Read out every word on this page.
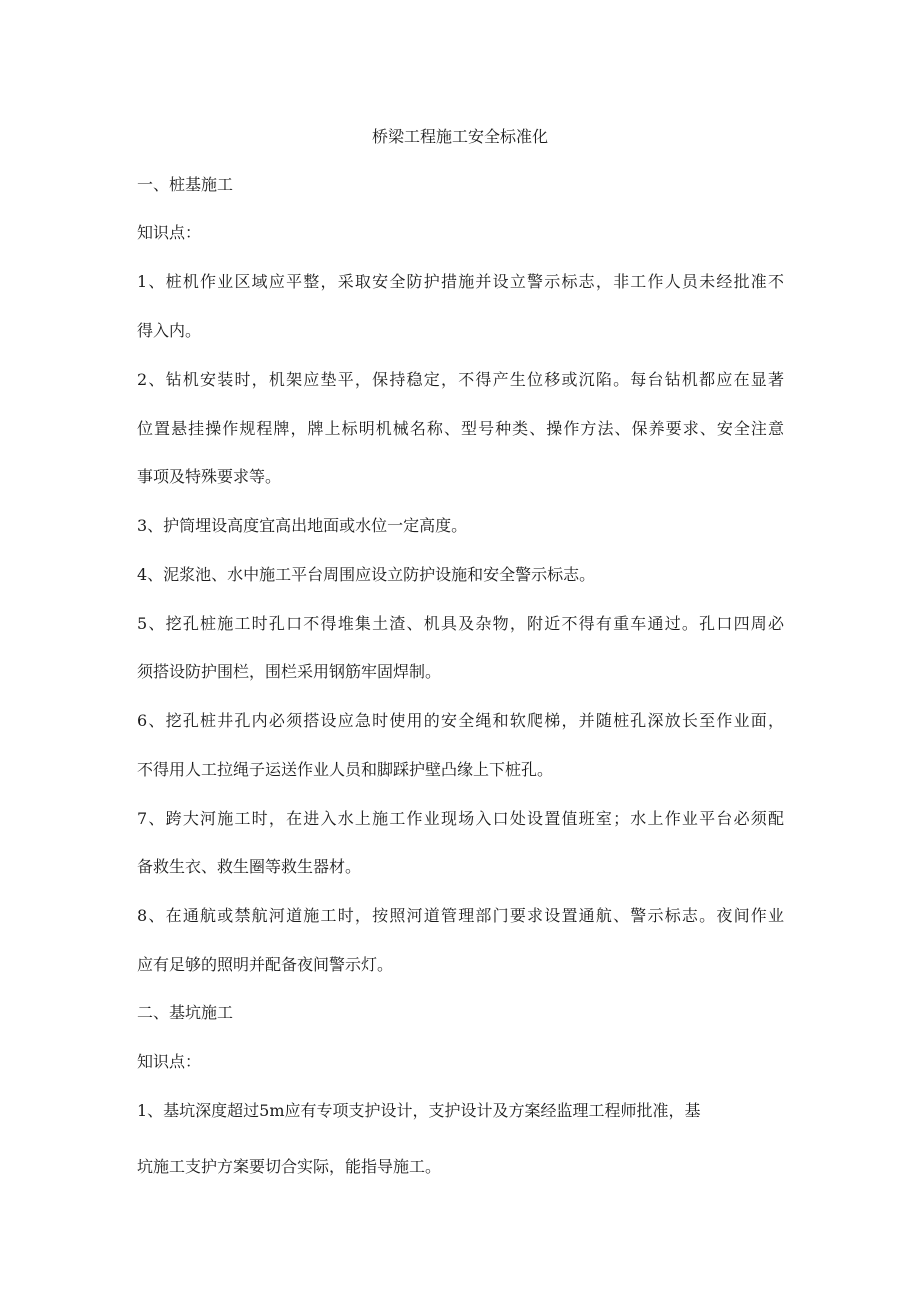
桥梁工程施工安全标准化
一、桩基施工
知识点：
1、桩机作业区域应平整，采取安全防护措施并设立警示标志，非工作人员未经批准不
得入内。
2、钻机安装时，机架应垫平，保持稳定，不得产生位移或沉陷。每台钻机都应在显著
位置悬挂操作规程牌，牌上标明机械名称、型号种类、操作方法、保养要求、安全注意
事项及特殊要求等。
3、护筒埋设高度宜高出地面或水位一定高度。
4、泥浆池、水中施工平台周围应设立防护设施和安全警示标志。
5、挖孔桩施工时孔口不得堆集土渣、机具及杂物，附近不得有重车通过。孔口四周必
须搭设防护围栏，围栏采用钢筋牢固焊制。
6、挖孔桩井孔内必须搭设应急时使用的安全绳和软爬梯，并随桩孔深放长至作业面，
不得用人工拉绳子运送作业人员和脚踩护壁凸缘上下桩孔。
7、跨大河施工时，在进入水上施工作业现场入口处设置值班室；水上作业平台必须配
备救生衣、救生圈等救生器材。
8、在通航或禁航河道施工时，按照河道管理部门要求设置通航、警示标志。夜间作业
应有足够的照明并配备夜间警示灯。
二、基坑施工
知识点：
1、基坑深度超过5m应有专项支护设计，支护设计及方案经监理工程师批准，基
坑施工支护方案要切合实际，能指导施工。
